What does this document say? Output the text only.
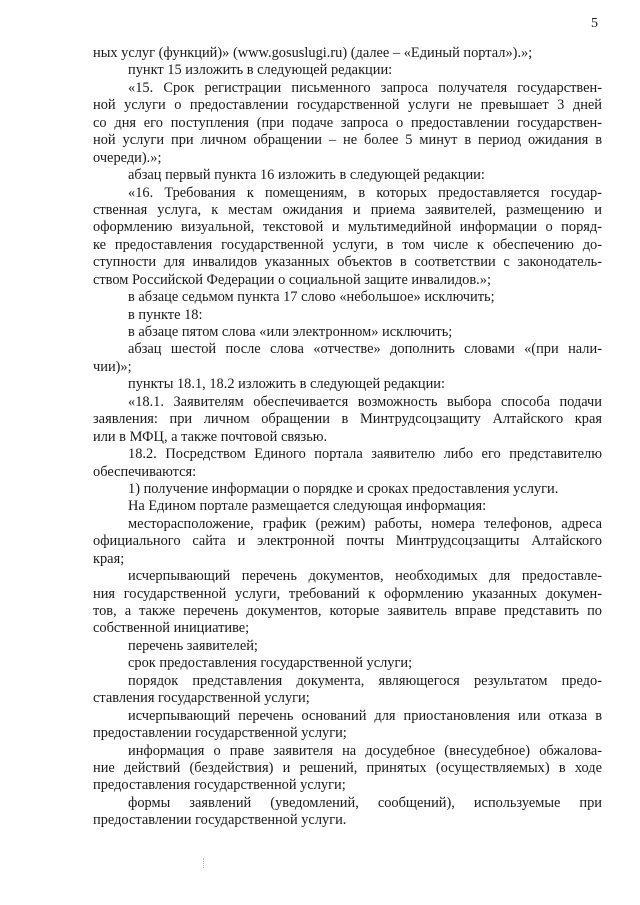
5
ных услуг (функций)» (www.gosuslugi.ru) (далее – «Единый портал»).»;
пункт 15 изложить в следующей редакции:
«15. Срок регистрации письменного запроса получателя государствен-
ной услуги о предоставлении государственной услуги не превышает 3 дней
со дня его поступления (при подаче запроса о предоставлении государствен-
ной услуги при личном обращении – не более 5 минут в период ожидания в
очереди).»;
абзац первый пункта 16 изложить в следующей редакции:
«16. Требования к помещениям, в которых предоставляется государ-
ственная услуга, к местам ожидания и приема заявителей, размещению и
оформлению визуальной, текстовой и мультимедийной информации о поряд-
ке предоставления государственной услуги, в том числе к обеспечению до-
ступности для инвалидов указанных объектов в соответствии с законодатель-
ством Российской Федерации о социальной защите инвалидов.»;
в абзаце седьмом пункта 17 слово «небольшое» исключить;
в пункте 18:
в абзаце пятом слова «или электронном» исключить;
абзац шестой после слова «отчестве» дополнить словами «(при нали-
чии)»;
пункты 18.1, 18.2 изложить в следующей редакции:
«18.1. Заявителям обеспечивается возможность выбора способа подачи
заявления: при личном обращении в Минтрудсоцзащиту Алтайского края
или в МФЦ, а также почтовой связью.
18.2. Посредством Единого портала заявителю либо его представителю
обеспечиваются:
1) получение информации о порядке и сроках предоставления услуги.
На Едином портале размещается следующая информация:
месторасположение, график (режим) работы, номера телефонов, адреса
официального сайта и электронной почты Минтрудсоцзащиты Алтайского
края;
исчерпывающий перечень документов, необходимых для предоставле-
ния государственной услуги, требований к оформлению указанных докумен-
тов, а также перечень документов, которые заявитель вправе представить по
собственной инициативе;
перечень заявителей;
срок предоставления государственной услуги;
порядок представления документа, являющегося результатом предо-
ставления государственной услуги;
исчерпывающий перечень оснований для приостановления или отказа в
предоставлении государственной услуги;
информация о праве заявителя на досудебное (внесудебное) обжалова-
ние действий (бездействия) и решений, принятых (осуществляемых) в ходе
предоставления государственной услуги;
формы заявлений (уведомлений, сообщений), используемые при
предоставлении государственной услуги.
